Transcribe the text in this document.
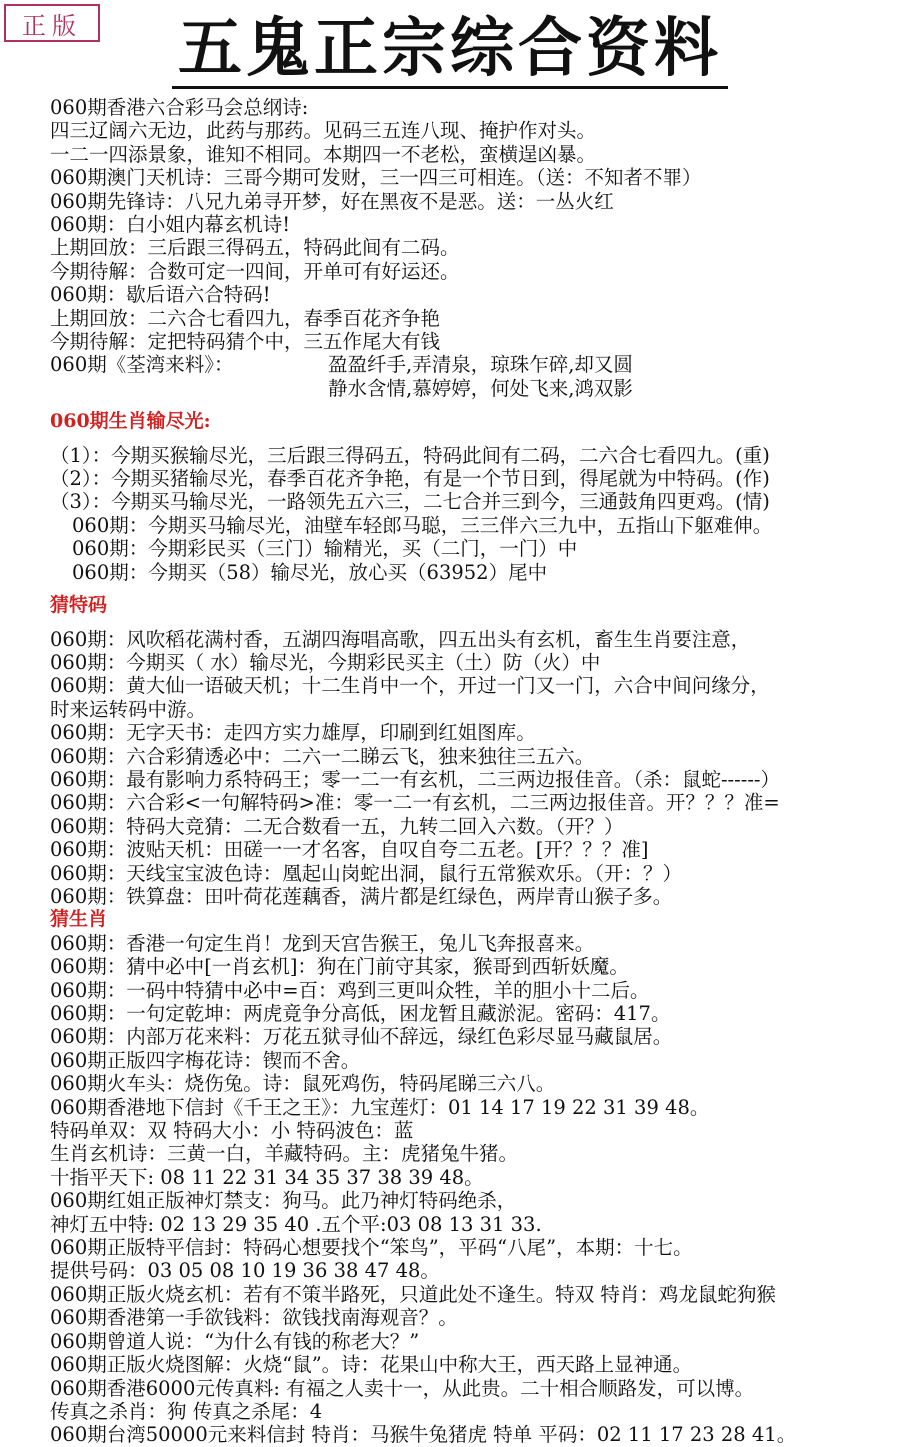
正版	五鬼正宗综合资料
060期香港六合彩马会总纲诗:
四三辽阔六无边，此药与那药。见码三五连八现、掩护作对头。
一二一四添景象，谁知不相同。本期四一不老松，蛮横逞凶暴。
060期澳门天机诗：三哥今期可发财，三一四三可相连。（送：不知者不罪）
060期先锋诗：八兄九弟寻开梦，好在黑夜不是恶。送：一丛火红
060期：白小姐内幕玄机诗!
上期回放：三后跟三得码五，特码此间有二码。
今期待解：合数可定一四间，开单可有好运还。
060期：歇后语六合特码!
上期回放：二六合七看四九，春季百花齐争艳
今期待解：定把特码猜个中，三五作尾大有钱
060期《荃湾来料》：	盈盈纤手,弄清泉，琼珠乍碎,却又圆
静水含情,慕婷婷，何处飞来,鸿双影
060期生肖输尽光:
（1）：今期买猴输尽光，三后跟三得码五，特码此间有二码，二六合七看四九。(重)
（2）：今期买猪输尽光，春季百花齐争艳，有是一个节日到，得尾就为中特码。(作)
（3）：今期买马输尽光，一路领先五六三，二七合并三到今，三通鼓角四更鸡。(情)
060期：今期买马输尽光，油壁车轻郎马聪，三三伴六三九中，五指山下躯难伸。
060期：今期彩民买（三门）输精光，买（二门，一门）中
060期：今期买（58）输尽光，放心买（63952）尾中
猜特码
060期：风吹稻花满村香，五湖四海唱高歌，四五出头有玄机，畜生生肖要注意，
060期：今期买（ 水）输尽光，今期彩民买主（土）防（火）中
060期：黄大仙一语破天机；十二生肖中一个，开过一门又一门，六合中间问缘分，
时来运转码中游。
060期：无字天书：走四方实力雄厚，印刷到红姐图库。
060期：六合彩猜透必中：二六一二睇云飞，独来独往三五六。
060期：最有影响力系特码王；零一二一有玄机，二三两边报佳音。（杀：鼠蛇------）
060期：六合彩<一句解特码>准：零一二一有玄机，二三两边报佳音。开？？？准=
060期：特码大竞猜：二无合数看一五，九转二回入六数。（开？）
060期：波贴天机：田磋一一才名客，自叹自夸二五老。[开？？？准]
060期：天线宝宝波色诗：凰起山岗蛇出洞，鼠行五常猴欢乐。（开：？）
060期：铁算盘：田叶荷花莲藕香，满片都是红绿色，两岸青山猴子多。
猜生肖
060期：香港一句定生肖！龙到天宫告猴王，兔儿飞奔报喜来。
060期：猜中必中[一肖玄机]：狗在门前守其家，猴哥到西斩妖魔。
060期：一码中特猜中必中=百：鸡到三更叫众牲，羊的胆小十二后。
060期：一句定乾坤：两虎竟争分高低，困龙暂且藏淤泥。密码：417。
060期：内部万花来料：万花五狱寻仙不辞远，绿红色彩尽显马藏鼠居。
060期正版四字梅花诗：锲而不舍。
060期火车头：烧伤兔。诗：鼠死鸡伤，特码尾睇三六八。
060期香港地下信封《千王之王》：九宝莲灯：01 14 17 19 22 31 39 48。
特码单双：双 特码大小：小 特码波色：蓝
生肖玄机诗：三黄一白，羊藏特码。主：虎猪兔牛猪。
十指平天下: 08 11 22 31 34 35 37 38 39 48。
060期红姐正版神灯禁支：狗马。此乃神灯特码绝杀，
神灯五中特: 02 13 29 35 40 .五个平:03 08 13 31 33.
060期正版特平信封：特码心想要找个“笨鸟”，平码“八尾”，本期：十七。
提供号码：03 05 08 10 19 36 38 47 48。
060期正版火烧玄机：若有不策半路死，只道此处不逢生。特双 特肖：鸡龙鼠蛇狗猴
060期香港第一手欲钱料：欲钱找南海观音？。
060期曾道人说：“为什么有钱的称老大？”
060期正版火烧图解：火烧“鼠”。诗：花果山中称大王，西天路上显神通。
060期香港6000元传真料: 有福之人卖十一，从此贵。二十相合顺路发，可以博。
传真之杀肖：狗 传真之杀尾：4
060期台湾50000元来料信封 特肖：马猴牛兔猪虎 特单 平码：02 11 17 23 28 41。
